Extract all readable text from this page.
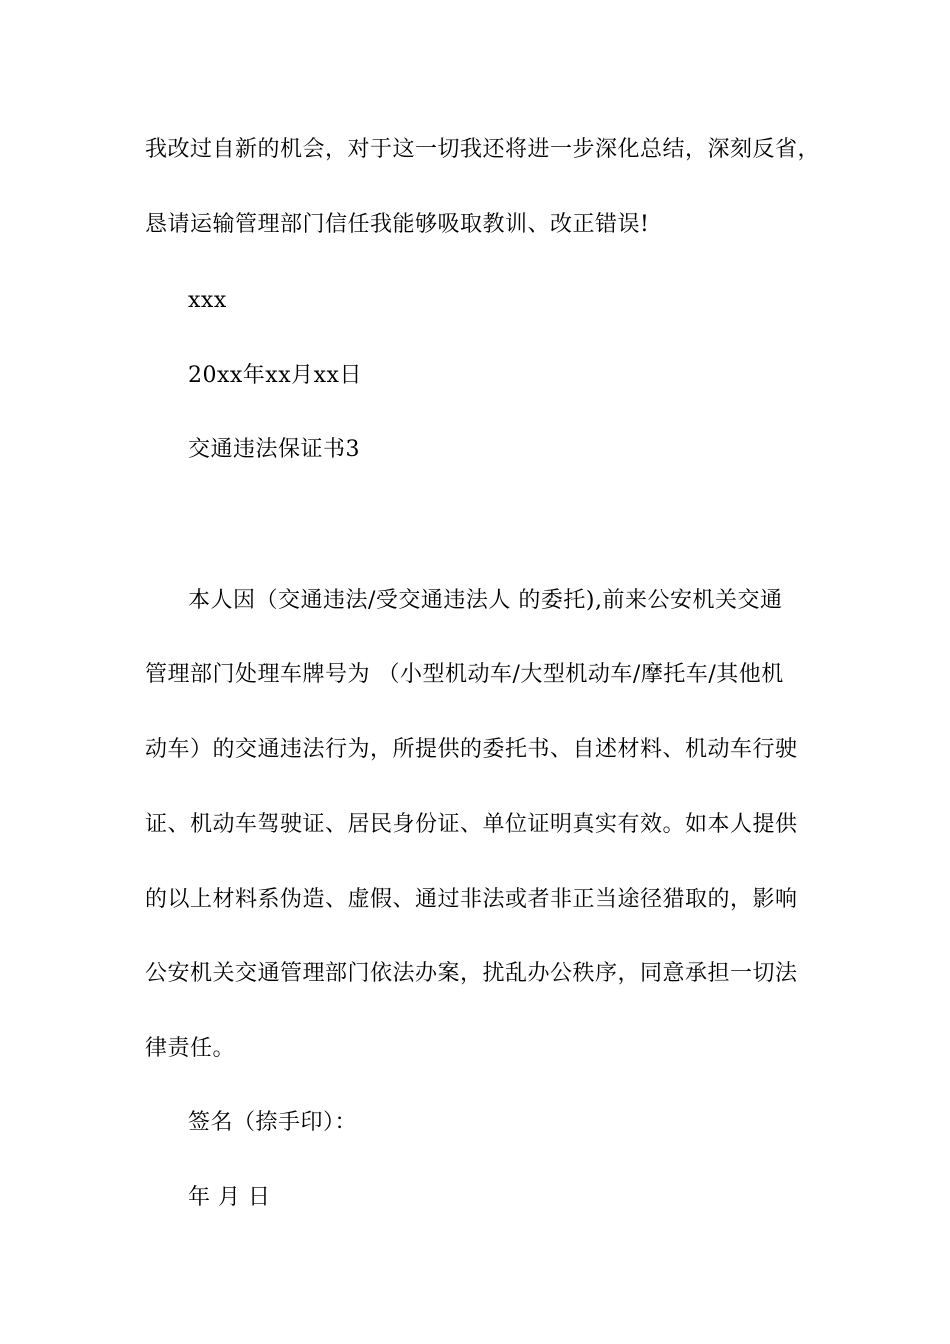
我改过自新的机会，对于这一切我还将进一步深化总结，深刻反省，
恳请运输管理部门信任我能够吸取教训、改正错误!
xxx
20xx年xx月xx日
交通违法保证书3
本人因（交通违法/受交通违法人 的委托),前来公安机关交通
管理部门处理车牌号为 （小型机动车/大型机动车/摩托车/其他机
动车）的交通违法行为，所提供的委托书、自述材料、机动车行驶
证、机动车驾驶证、居民身份证、单位证明真实有效。如本人提供
的以上材料系伪造、虚假、通过非法或者非正当途径猎取的，影响
公安机关交通管理部门依法办案，扰乱办公秩序，同意承担一切法
律责任。
签名（捺手印）：
年 月 日
